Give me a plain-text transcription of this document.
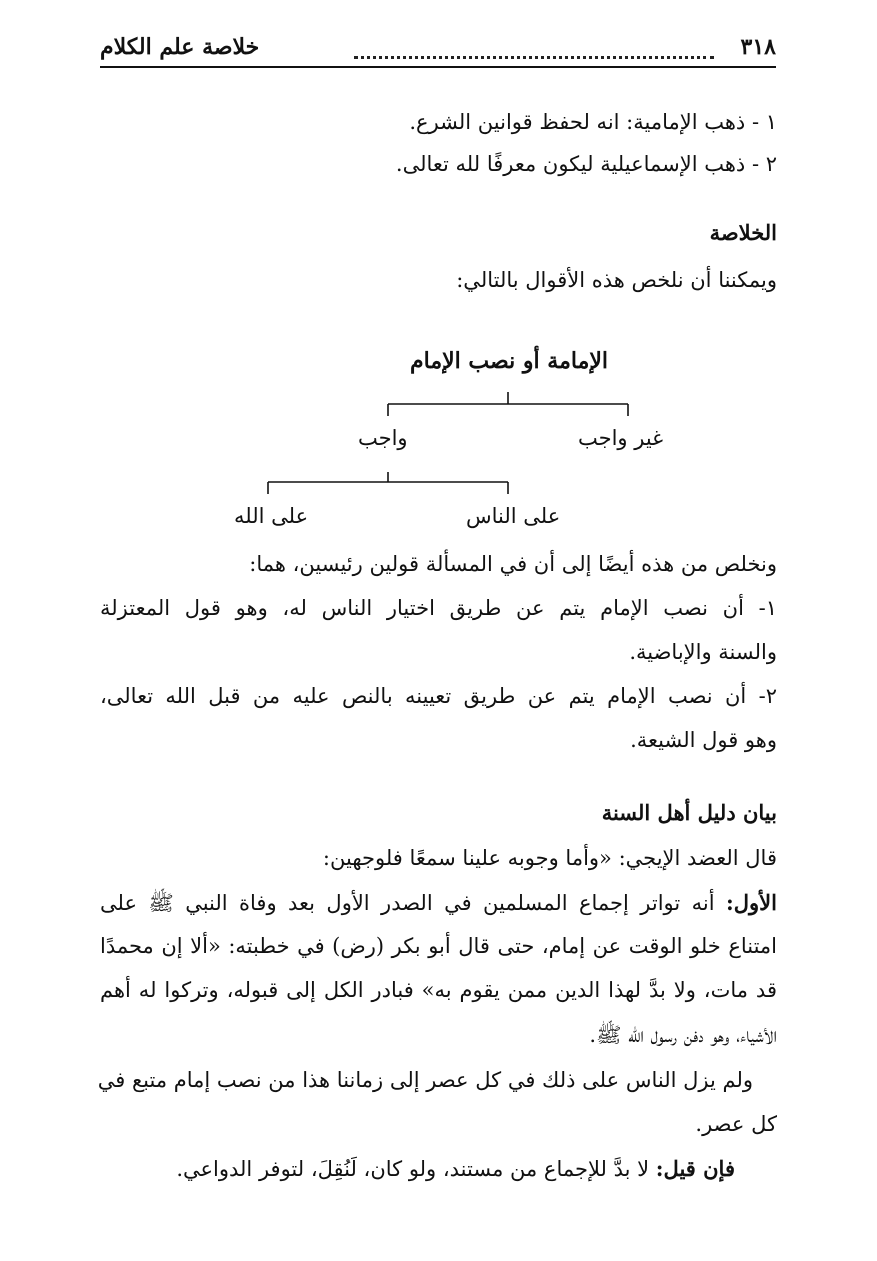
٣١٨
خلاصة علم الكلام
١ - ذهب الإمامية: انه لحفظ قوانين الشرع.
٢ - ذهب الإسماعيلية ليكون معرفًا لله تعالى.
الخلاصة
ويمكننا أن نلخص هذه الأقوال بالتالي:
الإمامة أو نصب الإمام
غير واجب
واجب
على الناس
على الله
ونخلص من هذه أيضًا إلى أن في المسألة قولين رئيسين، هما:
١- أن نصب الإمام يتم عن طريق اختيار الناس له، وهو قول المعتزلة
والسنة والإباضية.
٢- أن نصب الإمام يتم عن طريق تعيينه بالنص عليه من قبل الله تعالى،
وهو قول الشيعة.
بيان دليل أهل السنة
قال العضد الإيجي: «وأما وجوبه علينا سمعًا فلوجهين:
الأول: أنه تواتر إجماع المسلمين في الصدر الأول بعد وفاة النبي ﷺ على
امتناع خلو الوقت عن إمام، حتى قال أبو بكر (رض) في خطبته: «ألا إن محمدًا
قد مات، ولا بدَّ لهذا الدين ممن يقوم به» فبادر الكل إلى قبوله، وتركوا له أهم
الأشياء، وهو دفن رسول الله ﷺ.
ولم يزل الناس على ذلك في كل عصر إلى زماننا هذا من نصب إمام متبع في
كل عصر.
فإن قيل: لا بدَّ للإجماع من مستند، ولو كان، لَنُقِلَ، لتوفر الدواعي.
